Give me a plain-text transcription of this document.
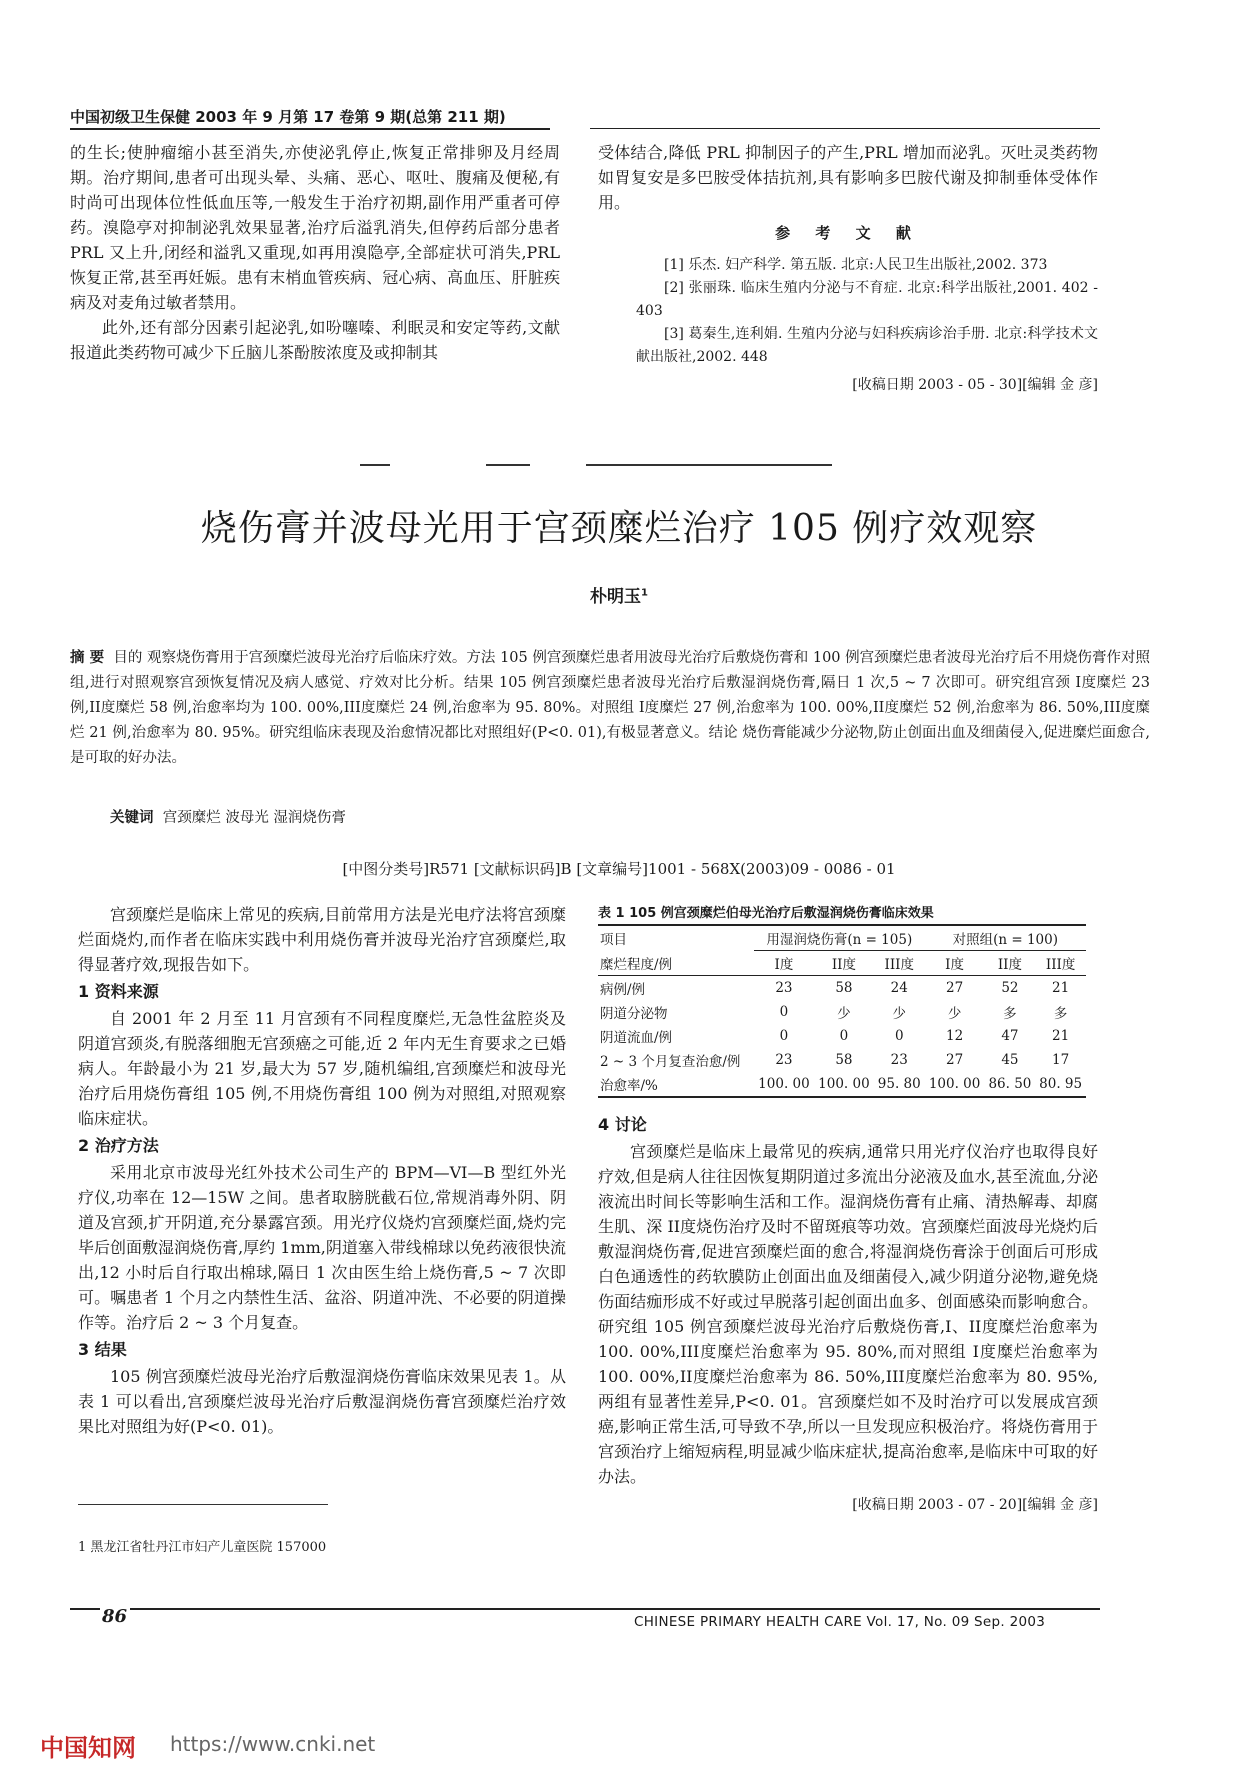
中国初级卫生保健 2003 年 9 月第 17 卷第 9 期(总第 211 期)

的生长;使肿瘤缩小甚至消失,亦使泌乳停止,恢复正常排卵及月经周期。治疗期间,患者可出现头晕、头痛、恶心、呕吐、腹痛及便秘,有时尚可出现体位性低血压等,一般发生于治疗初期,副作用严重者可停药。溴隐亭对抑制泌乳效果显著,治疗后溢乳消失,但停药后部分患者 PRL 又上升,闭经和溢乳又重现,如再用溴隐亭,全部症状可消失,PRL 恢复正常,甚至再妊娠。患有末梢血管疾病、冠心病、高血压、肝脏疾病及对麦角过敏者禁用。

此外,还有部分因素引起泌乳,如吩噻嗪、利眠灵和安定等药,文献报道此类药物可减少下丘脑儿茶酚胺浓度及或抑制其

受体结合,降低 PRL 抑制因子的产生,PRL 增加而泌乳。灭吐灵类药物如胃复安是多巴胺受体拮抗剂,具有影响多巴胺代谢及抑制垂体受体作用。

参 考 文 献

[1] 乐杰. 妇产科学. 第五版. 北京:人民卫生出版社,2002. 373

[2] 张丽珠. 临床生殖内分泌与不育症. 北京:科学出版社,2001. 402 - 403

[3] 葛秦生,连利娟. 生殖内分泌与妇科疾病诊治手册. 北京:科学技术文献出版社,2002. 448

[收稿日期 2003 - 05 - 30][编辑 金 彦]
烧伤膏并波母光用于宫颈糜烂治疗 105 例疗效观察
朴明玉$^1$
摘 要 目的 观察烧伤膏用于宫颈糜烂波母光治疗后临床疗效。方法 105 例宫颈糜烂患者用波母光治疗后敷烧伤膏和 100 例宫颈糜烂患者波母光治疗后不用烧伤膏作对照组,进行对照观察宫颈恢复情况及病人感觉、疗效对比分析。结果 105 例宫颈糜烂患者波母光治疗后敷湿润烧伤膏,隔日 1 次,5 ~ 7 次即可。研究组宫颈 I度糜烂 23 例,II度糜烂 58 例,治愈率均为 100. 00%,III度糜烂 24 例,治愈率为 95. 80%。对照组 I度糜烂 27 例,治愈率为 100. 00%,II度糜烂 52 例,治愈率为 86. 50%,III度糜烂 21 例,治愈率为 80. 95%。研究组临床表现及治愈情况都比对照组好(P<0. 01),有极显著意义。结论 烧伤膏能减少分泌物,防止创面出血及细菌侵入,促进糜烂面愈合,是可取的好办法。
关键词 宫颈糜烂 波母光 湿润烧伤膏
[中图分类号]R571 [文献标识码]B [文章编号]1001 - 568X(2003)09 - 0086 - 01

宫颈糜烂是临床上常见的疾病,目前常用方法是光电疗法将宫颈糜烂面烧灼,而作者在临床实践中利用烧伤膏并波母光治疗宫颈糜烂,取得显著疗效,现报告如下。

1 资料来源

自 2001 年 2 月至 11 月宫颈有不同程度糜烂,无急性盆腔炎及阴道宫颈炎,有脱落细胞无宫颈癌之可能,近 2 年内无生育要求之已婚病人。年龄最小为 21 岁,最大为 57 岁,随机编组,宫颈糜烂和波母光治疗后用烧伤膏组 105 例,不用烧伤膏组 100 例为对照组,对照观察临床症状。

2 治疗方法

采用北京市波母光红外技术公司生产的 BPM—VI—B 型红外光疗仪,功率在 12—15W 之间。患者取膀胱截石位,常规消毒外阴、阴道及宫颈,扩开阴道,充分暴露宫颈。用光疗仪烧灼宫颈糜烂面,烧灼完毕后创面敷湿润烧伤膏,厚约 1mm,阴道塞入带线棉球以免药液很快流出,12 小时后自行取出棉球,隔日 1 次由医生给上烧伤膏,5 ~ 7 次即可。嘱患者 1 个月之内禁性生活、盆浴、阴道冲洗、不必要的阴道操作等。治疗后 2 ~ 3 个月复查。

3 结果

105 例宫颈糜烂波母光治疗后敷湿润烧伤膏临床效果见表 1。从表 1 可以看出,宫颈糜烂波母光治疗后敷湿润烧伤膏宫颈糜烂治疗效果比对照组为好(P<0. 01)。

1 黑龙江省牡丹江市妇产儿童医院 157000
表 1 105 例宫颈糜烂伯母光治疗后敷湿润烧伤膏临床效果
项目	用湿润烧伤膏(n = 105)			对照组(n = 100)		
糜烂程度/例	I度	II度	III度	I度	II度	III度
病例/例	23	58	24	27	52	21
阴道分泌物	0	少	少	少	多	多
阴道流血/例	0	0	0	12	47	21
2 ~ 3 个月复查治愈/例	23	58	23	27	45	17
治愈率/%	100. 00	100. 00	95. 80	100. 00	86. 50	80. 95

4 讨论

宫颈糜烂是临床上最常见的疾病,通常只用光疗仪治疗也取得良好疗效,但是病人往往因恢复期阴道过多流出分泌液及血水,甚至流血,分泌液流出时间长等影响生活和工作。湿润烧伤膏有止痛、清热解毒、却腐生肌、深 II度烧伤治疗及时不留斑痕等功效。宫颈糜烂面波母光烧灼后敷湿润烧伤膏,促进宫颈糜烂面的愈合,将湿润烧伤膏涂于创面后可形成白色通透性的药软膜防止创面出血及细菌侵入,减少阴道分泌物,避免烧伤面结痂形成不好或过早脱落引起创面出血多、创面感染而影响愈合。研究组 105 例宫颈糜烂波母光治疗后敷烧伤膏,I、II度糜烂治愈率为 100. 00%,III度糜烂治愈率为 95. 80%,而对照组 I度糜烂治愈率为 100. 00%,II度糜烂治愈率为 86. 50%,III度糜烂治愈率为 80. 95%,两组有显著性差异,P<0. 01。宫颈糜烂如不及时治疗可以发展成宫颈癌,影响正常生活,可导致不孕,所以一旦发现应积极治疗。将烧伤膏用于宫颈治疗上缩短病程,明显减少临床症状,提高治愈率,是临床中可取的好办法。

[收稿日期 2003 - 07 - 20][编辑 金 彦]
86	CHINESE PRIMARY HEALTH CARE Vol. 17, No. 09 Sep. 2003
中国知网 https://www.cnki.net
